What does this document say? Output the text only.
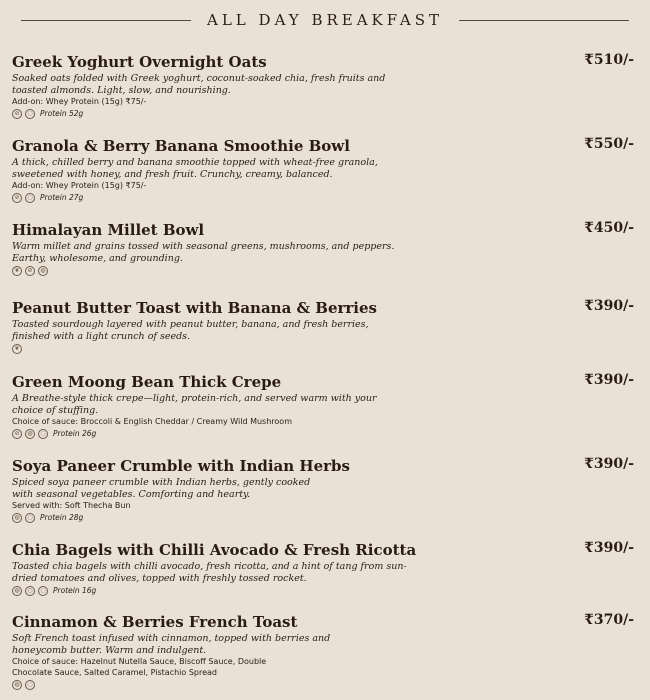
ALL DAY BREAKFAST
Greek Yoghurt Overnight Oats	₹510/-
Soaked oats folded with Greek yoghurt, coconut-soaked chia, fresh fruits and toasted almonds. Light, slow, and nourishing.
Add-on: Whey Protein (15g) ₹75/-
⊘	◌ Protein 52g
Granola & Berry Banana Smoothie Bowl	₹550/-
A thick, chilled berry and banana smoothie topped with wheat-free granola, sweetened with honey, and fresh fruit. Crunchy, creamy, balanced.
Add-on: Whey Protein (15g) ₹75/-
⊘	◌ Protein 27g
Himalayan Millet Bowl	₹450/-
Warm millet and grains tossed with seasonal greens, mushrooms, and peppers. Earthy, wholesome, and grounding.
❦	⊘	◍
Peanut Butter Toast with Banana & Berries	₹390/-
Toasted sourdough layered with peanut butter, banana, and fresh berries, finished with a light crunch of seeds.
❦
Green Moong Bean Thick Crepe	₹390/-
A Breathe-style thick crepe—light, protein-rich, and served warm with your choice of stuffing.
Choice of sauce: Broccoli & English Cheddar / Creamy Wild Mushroom
⊘	◍	◌ Protein 26g
Soya Paneer Crumble with Indian Herbs	₹390/-
Spiced soya paneer crumble with Indian herbs, gently cooked with seasonal vegetables. Comforting and hearty.
Served with: Soft Thecha Bun
◍	◌ Protein 28g
Chia Bagels with Chilli Avocado & Fresh Ricotta	₹390/-
Toasted chia bagels with chilli avocado, fresh ricotta, and a hint of tang from sun-dried tomatoes and olives, topped with freshly tossed rocket.
◍	○	◌ Protein 16g
Cinnamon & Berries French Toast	₹370/-
Soft French toast infused with cinnamon, topped with berries and honeycomb butter. Warm and indulgent.
Choice of sauce: Hazelnut Nutella Sauce, Biscoff Sauce, Double Chocolate Sauce, Salted Caramel, Pistachio Spread
◍	◌
